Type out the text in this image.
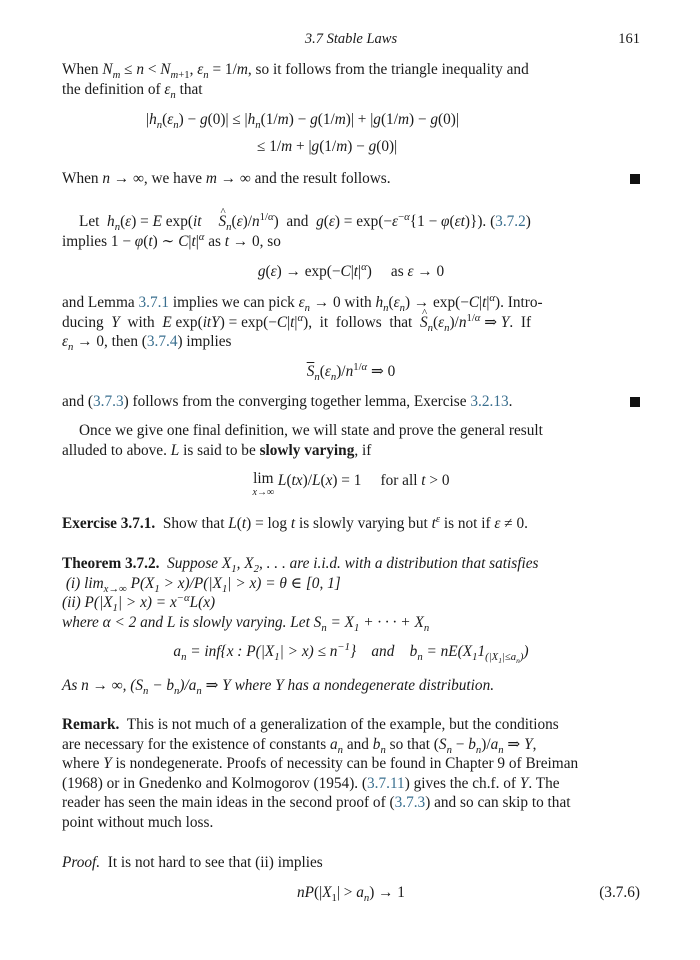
3.7 Stable Laws	161
When $N_m \le n < N_{m+1}$, $\varepsilon_n = 1/m$, so it follows from the triangle inequality and
the definition of $\varepsilon_n$ that
$|h_n(\varepsilon_n) - g(0)| \le |h_n(1/m) - g(1/m)| + |g(1/m) - g(0)|$
≤ 1/m + |g(1/m) − g(0)|
When n → ∞, we have m → ∞ and the result follows.
Let  $h_n(\varepsilon) = E$ exp(it ^ $S_n(\varepsilon)/n^{1/\alpha}$)  and  $g(\varepsilon) = \exp(-\varepsilon^{-\alpha}\{1 - \varphi(\varepsilon t)\})$. (3.7.2)
implies 1 − φ(t) ∼ $C|t|^\alpha$ as t → 0, so
$g(\varepsilon) \to \exp(-C|t|^\alpha)$     as ε → 0
and Lemma 3.7.1 implies we can pick $\varepsilon_n \to 0$ with $h_n(\varepsilon_n) \to \exp(-C|t|^\alpha)$. Intro-
ducing  Y  with  E $\exp(itY) = \exp(-C|t|^\alpha)$,  it  follows  that  ^ $S_n(\varepsilon_n)/n^{1/\alpha}$ ⇒ Y.  If
$\varepsilon_n \to 0$, then (3.7.4) implies
$\overline{S}_n(\varepsilon_n)/n^{1/\alpha}$ ⇒ 0
and (3.7.3) follows from the converging together lemma, Exercise 3.2.13.
Once we give one final definition, we will state and prove the general result
alluded to above. L is said to be slowly varying, if
lim
x→∞
L(tx)/L(x) = 1     for all t > 0
Exercise 3.7.1.  Show that L(t) = log t is slowly varying but $t^\varepsilon$ is not if ε ≠ 0.
Theorem 3.7.2.  Suppose $X_1$, $X_2$, . . . are i.i.d. with a distribution that satisfies
(i) $\lim_{x\to\infty} P(X_1 > x)/P(|X_1| > x) = \theta$ ∈ [0, 1]
(ii) $P(|X_1| > x) = x^{-\alpha}L(x)$
where α < 2 and L is slowly varying. Let $S_n = X_1$ + · · · + $X_n$
$a_n = inf\{x$ : $P(|X_1| > x) \le n^{-1}$}    and    $b_n = nE(X_11_{(|X_1|\le a_n)})$
As n → ∞, $(S_n - b_n)/a_n$ ⇒ Y where Y has a nondegenerate distribution.
Remark.  This is not much of a generalization of the example, but the conditions
are necessary for the existence of constants $a_n$ and $b_n$ so that $(S_n - b_n)/a_n$ ⇒ Y,
where Y is nondegenerate. Proofs of necessity can be found in Chapter 9 of Breiman
(1968) or in Gnedenko and Kolmogorov (1954). (3.7.11) gives the ch.f. of Y. The
reader has seen the main ideas in the second proof of (3.7.3) and so can skip to that
point without much loss.
Proof. It is not hard to see that (ii) implies
$nP(|X_1| > a_n) \to 1$	(3.7.6)
